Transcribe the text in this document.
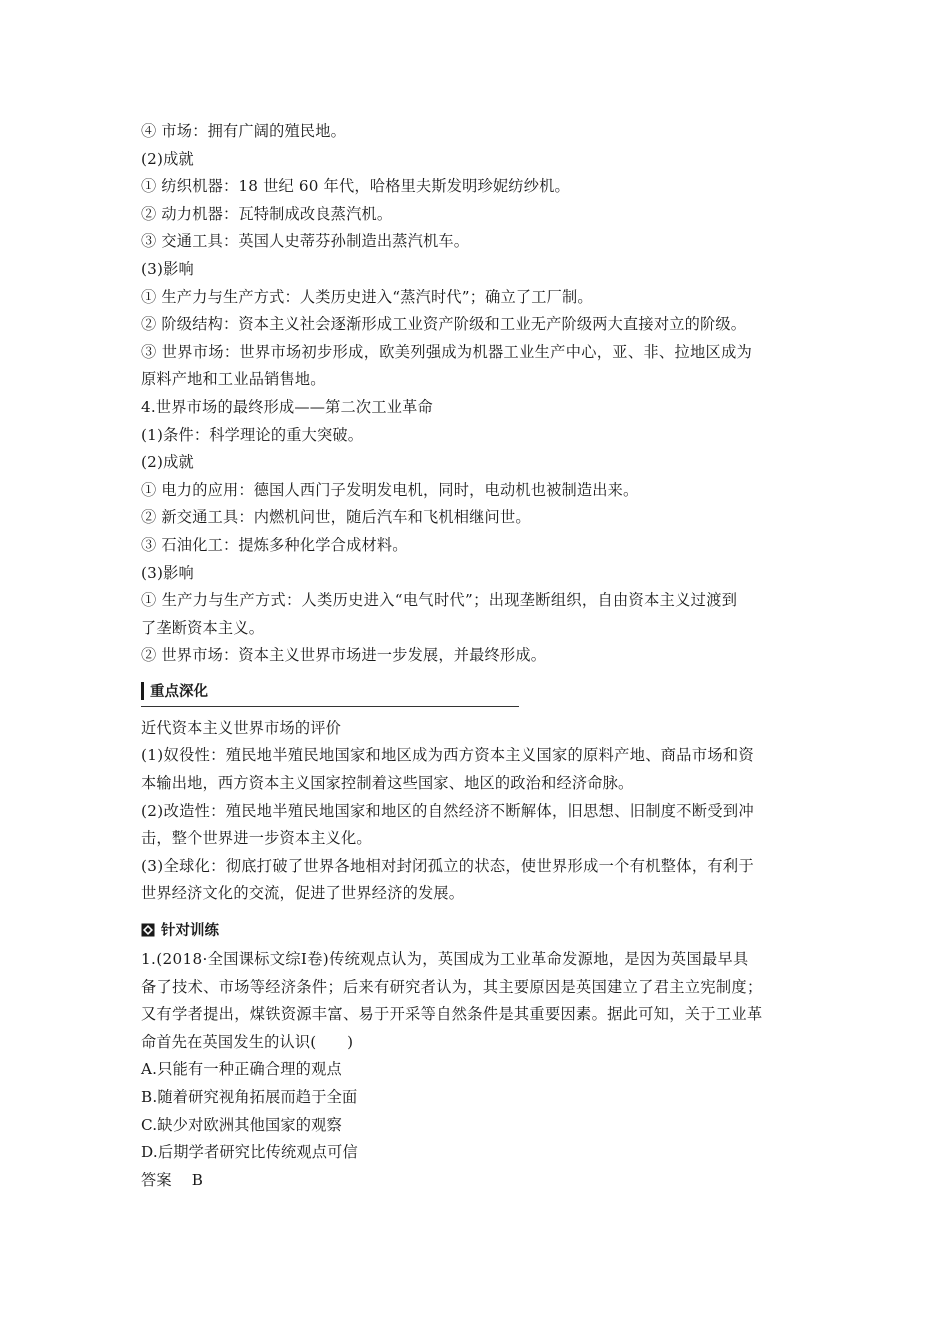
④ 市场：拥有广阔的殖民地。
(2)成就
① 纺织机器：18 世纪 60 年代，哈格里夫斯发明珍妮纺纱机。
② 动力机器：瓦特制成改良蒸汽机。
③ 交通工具：英国人史蒂芬孙制造出蒸汽机车。
(3)影响
① 生产力与生产方式：人类历史进入“蒸汽时代”；确立了工厂制。
② 阶级结构：资本主义社会逐渐形成工业资产阶级和工业无产阶级两大直接对立的阶级。
③ 世界市场：世界市场初步形成，欧美列强成为机器工业生产中心，亚、非、拉地区成为
原料产地和工业品销售地。
4.世界市场的最终形成——第二次工业革命
(1)条件：科学理论的重大突破。
(2)成就
① 电力的应用：德国人西门子发明发电机，同时，电动机也被制造出来。
② 新交通工具：内燃机问世，随后汽车和飞机相继问世。
③ 石油化工：提炼多种化学合成材料。
(3)影响
① 生产力与生产方式：人类历史进入“电气时代”；出现垄断组织，自由资本主义过渡到
了垄断资本主义。
② 世界市场：资本主义世界市场进一步发展，并最终形成。
重点深化
近代资本主义世界市场的评价
(1)奴役性：殖民地半殖民地国家和地区成为西方资本主义国家的原料产地、商品市场和资
本输出地，西方资本主义国家控制着这些国家、地区的政治和经济命脉。
(2)改造性：殖民地半殖民地国家和地区的自然经济不断解体，旧思想、旧制度不断受到冲
击，整个世界进一步资本主义化。
(3)全球化：彻底打破了世界各地相对封闭孤立的状态，使世界形成一个有机整体，有利于
世界经济文化的交流，促进了世界经济的发展。
针对训练
1.(2018·全国课标文综Ⅰ卷)传统观点认为，英国成为工业革命发源地，是因为英国最早具
备了技术、市场等经济条件；后来有研究者认为，其主要原因是英国建立了君主立宪制度；
又有学者提出，煤铁资源丰富、易于开采等自然条件是其重要因素。据此可知，关于工业革
命首先在英国发生的认识(　　)
A.只能有一种正确合理的观点
B.随着研究视角拓展而趋于全面
C.缺少对欧洲其他国家的观察
D.后期学者研究比传统观点可信
答案 B
